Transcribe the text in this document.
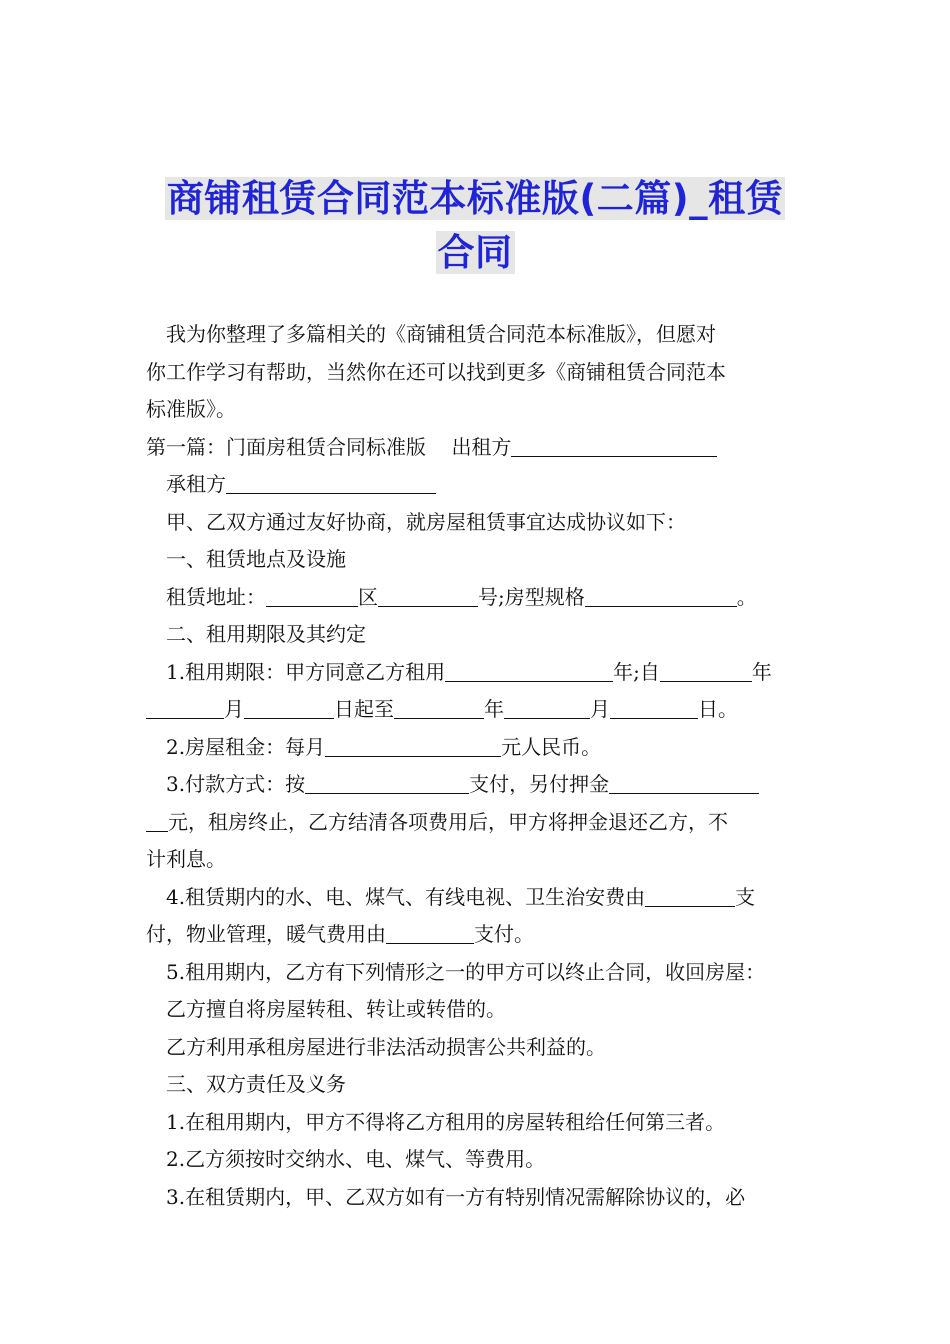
商铺租赁合同范本标准版(二篇)_租赁
合同

我为你整理了多篇相关的《商铺租赁合同范本标准版》，但愿对

你工作学习有帮助，当然你在还可以找到更多《商铺租赁合同范本

标准版》。

第一篇：门面房租赁合同标准版 出租方

承租方

甲、乙双方通过友好协商，就房屋租赁事宜达成协议如下：

一、租赁地点及设施

租赁地址：	区	号;房型规格	。

二、租用期限及其约定

1.租用期限：甲方同意乙方租用	年;自	年

月	日起至	年	月	日。

2.房屋租金：每月	元人民币。

3.付款方式：按	支付，另付押金

元，租房终止，乙方结清各项费用后，甲方将押金退还乙方，不

计利息。

4.租赁期内的水、电、煤气、有线电视、卫生治安费由	支

付，物业管理，暖气费用由	支付。

5.租用期内，乙方有下列情形之一的甲方可以终止合同，收回房屋：

乙方擅自将房屋转租、转让或转借的。

乙方利用承租房屋进行非法活动损害公共利益的。

三、双方责任及义务

1.在租用期内，甲方不得将乙方租用的房屋转租给任何第三者。

2.乙方须按时交纳水、电、煤气、等费用。

3.在租赁期内，甲、乙双方如有一方有特别情况需解除协议的，必
